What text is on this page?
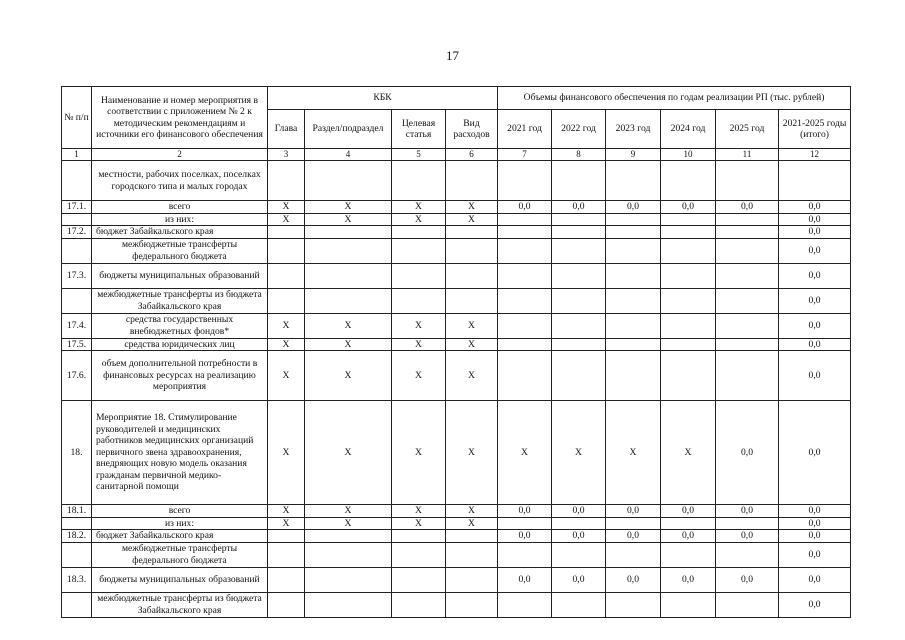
17
№ п/п	Наименование и номер мероприятия в соответствии с приложением № 2 к методическим рекомендациям и источники его финансового обеспечения	КБК				Объемы финансового обеспечения по годам реализации РП (тыс. рублей)					
		Глава	Раздел/подраздел	Целевая статья	Вид расходов	2021 год	2022 год	2023 год	2024 год	2025 год	2021-2025 годы (итого)
1	2	3	4	5	6	7	8	9	10	11	12
	местности, рабочих поселках, поселках городского типа и малых городах										
17.1.	всего	X	X	X	X	0,0	0,0	0,0	0,0	0,0	0,0
	из них:	X	X	X	X						0,0
17.2.	бюджет Забайкальского края										0,0
	межбюджетные трансферты федерального бюджета										0,0
17.3.	бюджеты муниципальных образований										0,0
	межбюджетные трансферты из бюджета Забайкальского края										0,0
17.4.	средства государственных внебюджетных фондов*	X	X	X	X						0,0
17.5.	средства юридических лиц	X	X	X	X						0,0
17.6.	объем дополнительной потребности в финансовых ресурсах на реализацию мероприятия	X	X	X	X						0,0
18.	Мероприятие 18. Стимулирование руководителей и медицинских работников медицинских организаций первичного звена здравоохранения, внедряющих новую модель оказания гражданам первичной медико-санитарной помощи	X	X	X	X	X	X	X	X	0,0	0,0
18.1.	всего	X	X	X	X	0,0	0,0	0,0	0,0	0,0	0,0
	из них:	X	X	X	X						0,0
18.2.	бюджет Забайкальского края					0,0	0,0	0,0	0,0	0,0	0,0
	межбюджетные трансферты федерального бюджета										0,0
18.3.	бюджеты муниципальных образований					0,0	0,0	0,0	0,0	0,0	0,0
	межбюджетные трансферты из бюджета Забайкальского края										0,0
